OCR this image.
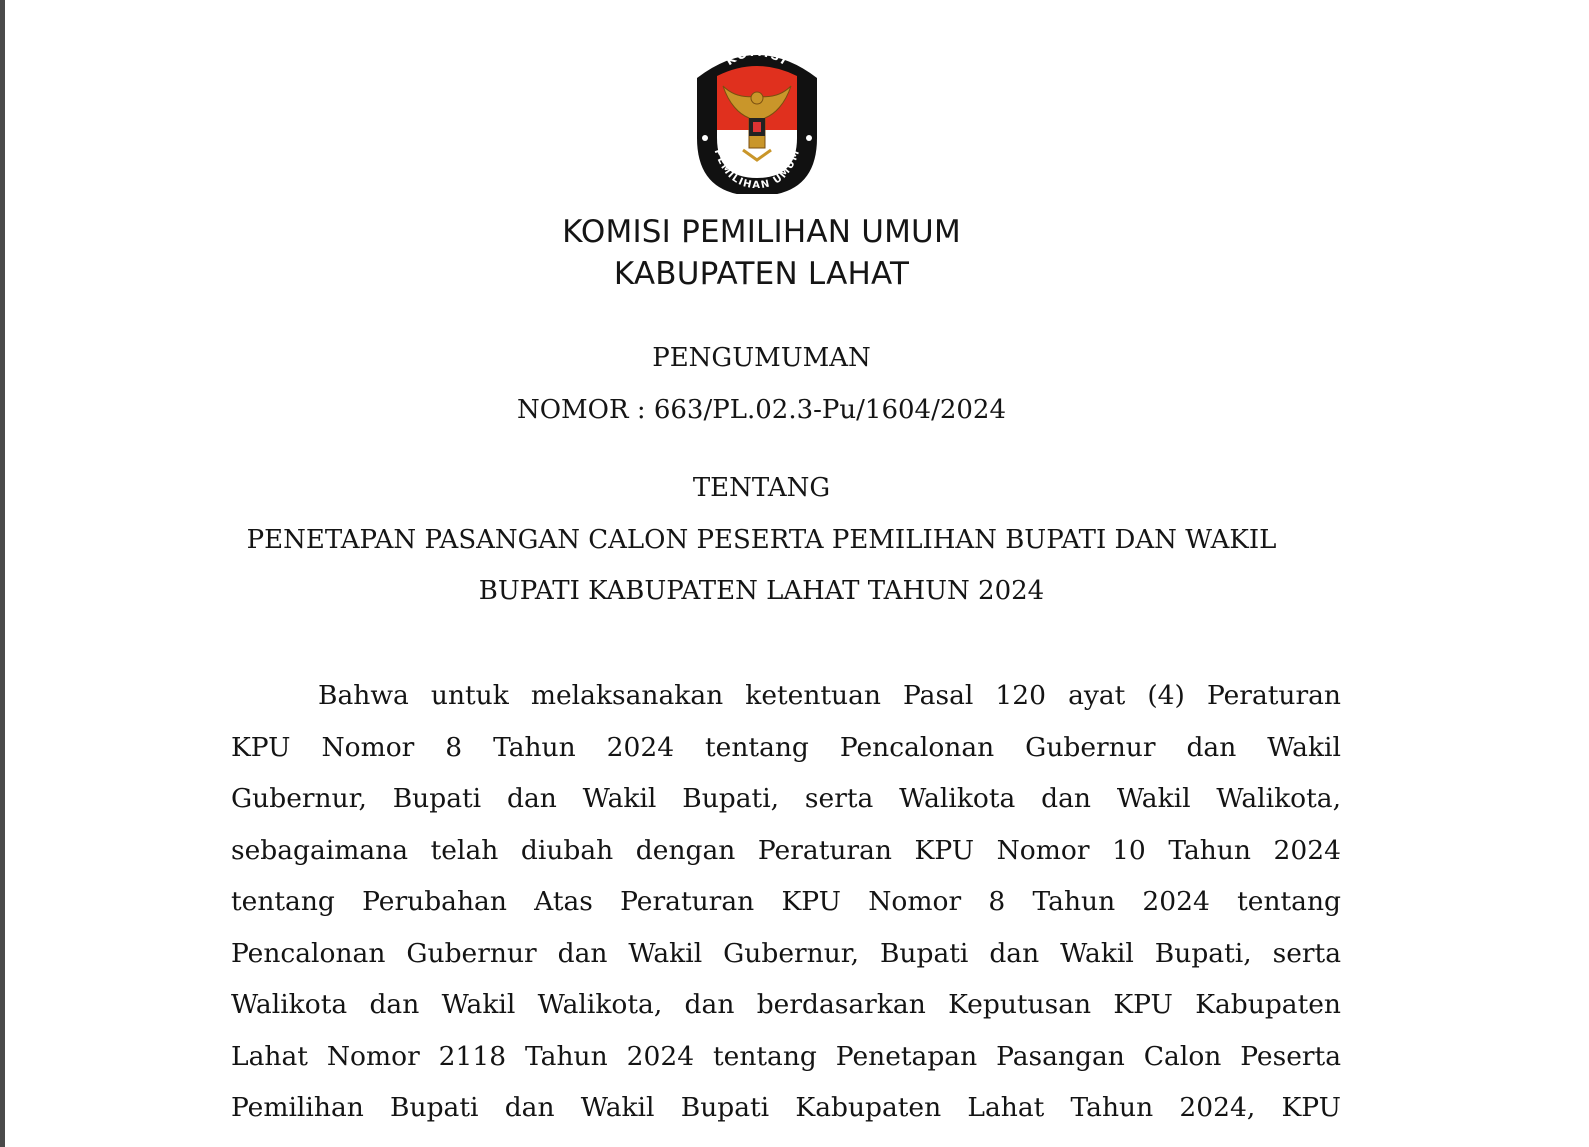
KOMISI
PEMILIHAN UMUM
KOMISI PEMILIHAN UMUM
KABUPATEN LAHAT
PENGUMUMAN
NOMOR : 663/PL.02.3-Pu/1604/2024
TENTANG
PENETAPAN PASANGAN CALON PESERTA PEMILIHAN BUPATI DAN WAKIL
BUPATI KABUPATEN LAHAT TAHUN 2024
Bahwa untuk melaksanakan ketentuan Pasal 120 ayat (4) Peraturan
KPU Nomor 8 Tahun 2024 tentang Pencalonan Gubernur dan Wakil
Gubernur, Bupati dan Wakil Bupati, serta Walikota dan Wakil Walikota,
sebagaimana telah diubah dengan Peraturan KPU Nomor 10 Tahun 2024
tentang Perubahan Atas Peraturan KPU Nomor 8 Tahun 2024 tentang
Pencalonan Gubernur dan Wakil Gubernur, Bupati dan Wakil Bupati, serta
Walikota dan Wakil Walikota, dan berdasarkan Keputusan KPU Kabupaten
Lahat Nomor 2118 Tahun 2024 tentang Penetapan Pasangan Calon Peserta
Pemilihan Bupati dan Wakil Bupati Kabupaten Lahat Tahun 2024, KPU
